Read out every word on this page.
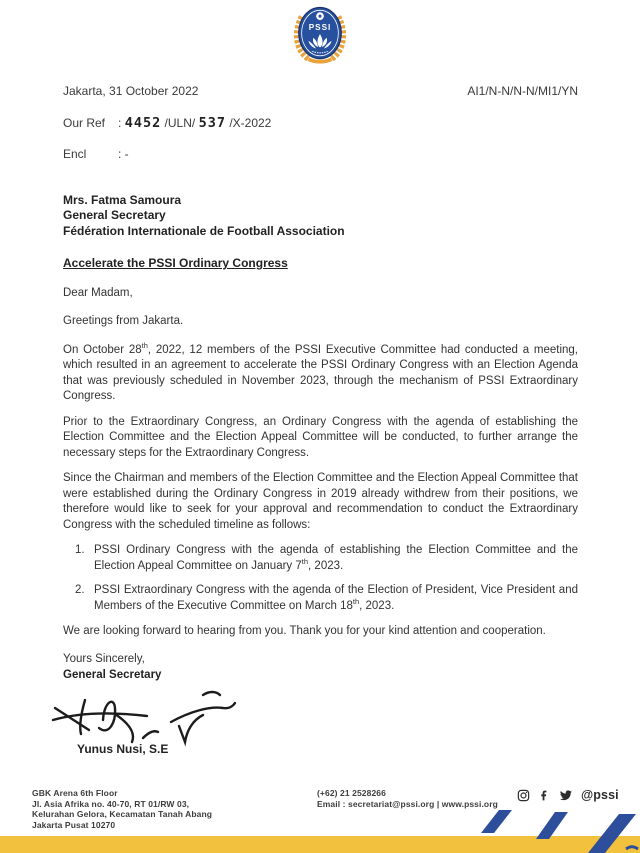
PSSI
Jakarta, 31 October 2022	AI1/N-N/N-N/MI1/YN
Our Ref : 4452 /ULN/ 537 /X-2022
Encl	: -
Mrs. Fatma Samoura
General Secretary
Fédération Internationale de Football Association
Accelerate the PSSI Ordinary Congress
Dear Madam,
Greetings from Jakarta.

On October 28th, 2022, 12 members of the PSSI Executive Committee had conducted a meeting, which resulted in an agreement to accelerate the PSSI Ordinary Congress with an Election Agenda that was previously scheduled in November 2023, through the mechanism of PSSI Extraordinary Congress.

Prior to the Extraordinary Congress, an Ordinary Congress with the agenda of establishing the Election Committee and the Election Appeal Committee will be conducted, to further arrange the necessary steps for the Extraordinary Congress.

Since the Chairman and members of the Election Committee and the Election Appeal Committee that were established during the Ordinary Congress in 2019 already withdrew from their positions, we therefore would like to seek for your approval and recommendation to conduct the Extraordinary Congress with the scheduled timeline as follows:

1. PSSI Ordinary Congress with the agenda of establishing the Election Committee and the Election Appeal Committee on January 7th, 2023.
2. PSSI Extraordinary Congress with the agenda of the Election of President, Vice President and Members of the Executive Committee on March 18th, 2023.
We are looking forward to hearing from you. Thank you for your kind attention and cooperation.
Yours Sincerely,
General Secretary
Yunus Nusi, S.E
GBK Arena 6th Floor
Jl. Asia Afrika no. 40-70, RT 01/RW 03,
Kelurahan Gelora, Kecamatan Tanah Abang
Jakarta Pusat 10270
(+62) 21 2528266
Email : secretariat@pssi.org | www.pssi.org
@pssi
